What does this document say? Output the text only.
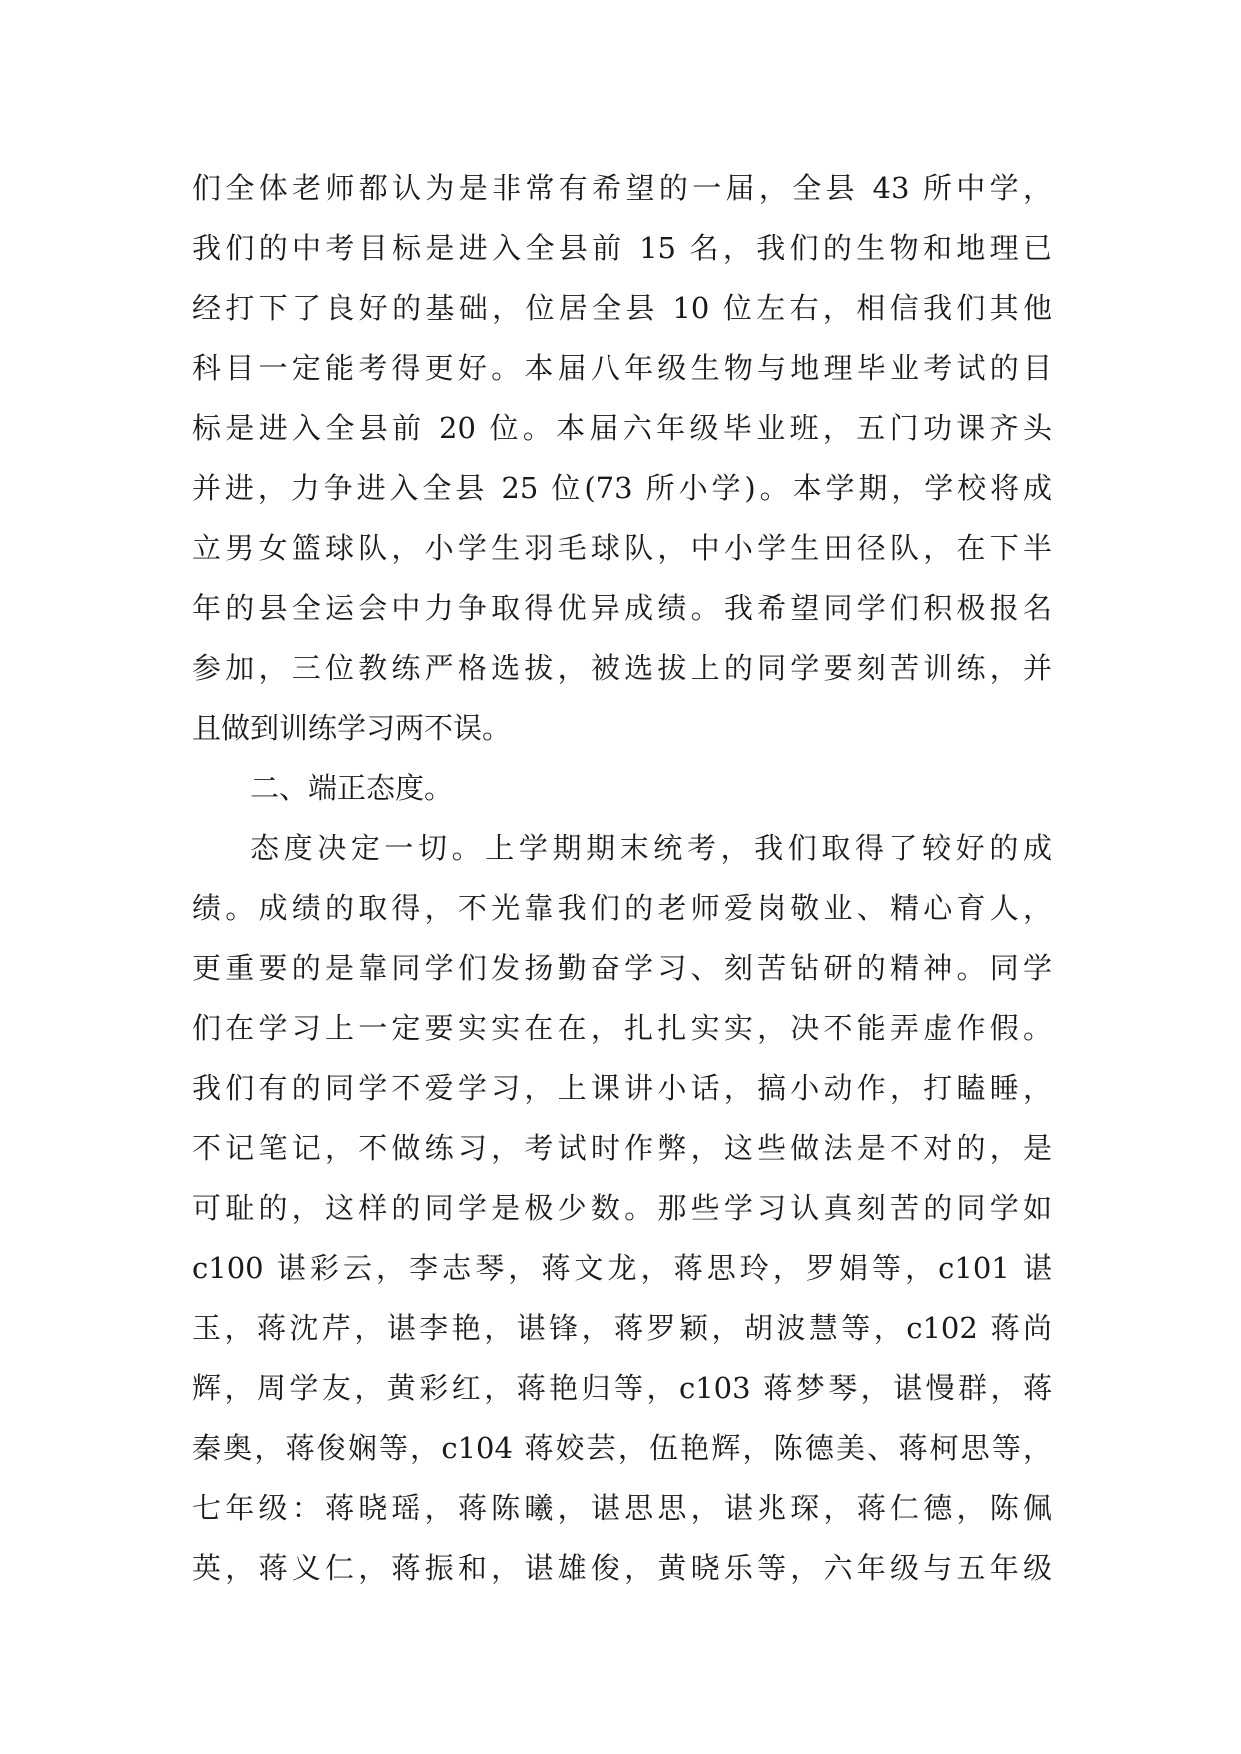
们全体老师都认为是非常有希望的一届，全县 43 所中学，
我们的中考目标是进入全县前 15 名，我们的生物和地理已
经打下了良好的基础，位居全县 10 位左右，相信我们其他
科目一定能考得更好。本届八年级生物与地理毕业考试的目
标是进入全县前 20 位。本届六年级毕业班，五门功课齐头
并进，力争进入全县 25 位(73 所小学)。本学期，学校将成
立男女篮球队，小学生羽毛球队，中小学生田径队，在下半
年的县全运会中力争取得优异成绩。我希望同学们积极报名
参加，三位教练严格选拔，被选拔上的同学要刻苦训练，并
且做到训练学习两不误。
二、端正态度。
态度决定一切。上学期期末统考，我们取得了较好的成
绩。成绩的取得，不光靠我们的老师爱岗敬业、精心育人，
更重要的是靠同学们发扬勤奋学习、刻苦钻研的精神。同学
们在学习上一定要实实在在，扎扎实实，决不能弄虚作假。
我们有的同学不爱学习，上课讲小话，搞小动作，打瞌睡，
不记笔记，不做练习，考试时作弊，这些做法是不对的，是
可耻的，这样的同学是极少数。那些学习认真刻苦的同学如
c100 谌彩云，李志琴，蒋文龙，蒋思玲，罗娟等，c101 谌
玉，蒋沈芹，谌李艳，谌锋，蒋罗颖，胡波慧等，c102 蒋尚
辉，周学友，黄彩红，蒋艳归等，c103 蒋梦琴，谌慢群，蒋
秦奥，蒋俊娴等，c104 蒋姣芸，伍艳辉，陈德美、蒋柯思等，
七年级：蒋晓瑶，蒋陈曦，谌思思，谌兆琛，蒋仁德，陈佩
英，蒋义仁，蒋振和，谌雄俊，黄晓乐等，六年级与五年级
